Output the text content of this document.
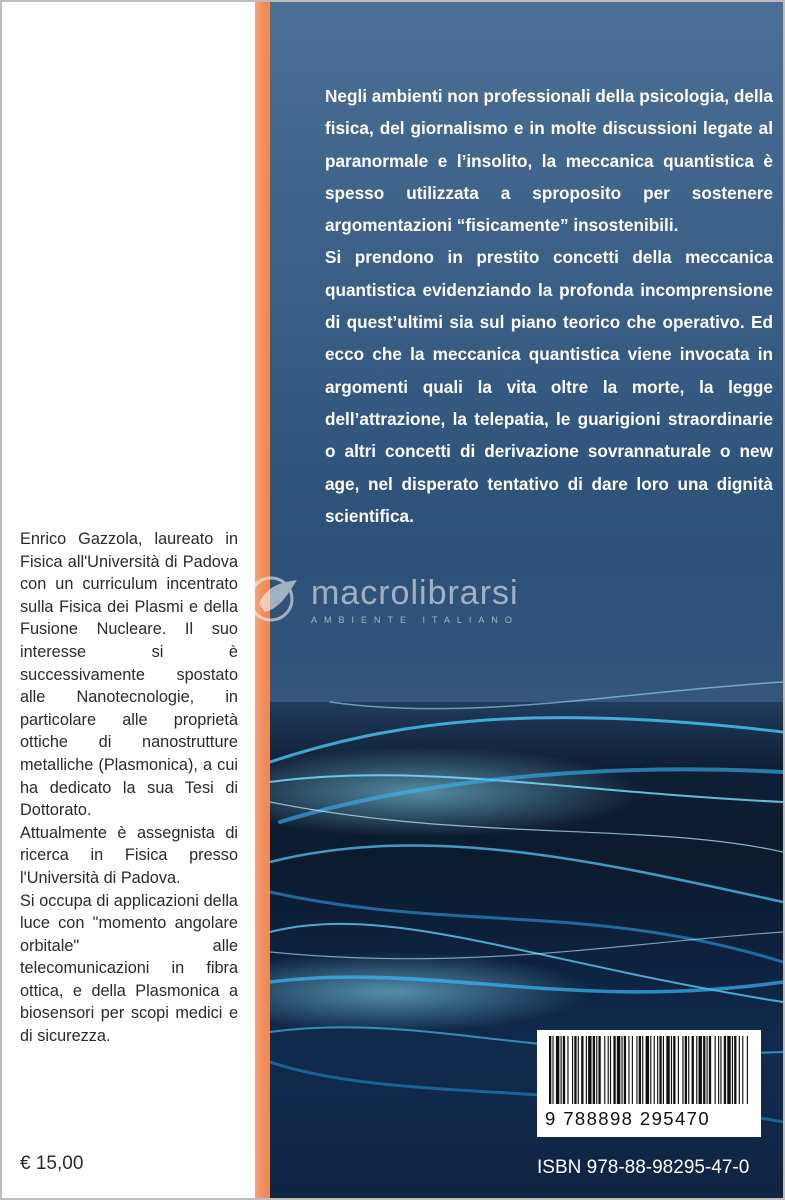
Enrico Gazzola, laureato in Fisica all'Università di Padova con un curriculum incentrato sulla Fisica dei Plasmi e della Fusione Nucleare. Il suo interesse si è successivamente spostato alle Nanotecnologie, in particolare alle proprietà ottiche di nanostrutture metalliche (Plasmonica), a cui ha dedicato la sua Tesi di Dottorato.

Attualmente è assegnista di ricerca in Fisica presso l'Università di Padova.

Si occupa di applicazioni della luce con "momento angolare orbitale" alle telecomunicazioni in fibra ottica, e della Plasmonica a biosensori per scopi medici e di sicurezza.

€ 15,00

Negli ambienti non professionali della psicologia, della fisica, del giornalismo e in molte discussioni legate al paranormale e l’insolito, la meccanica quantistica è spesso utilizzata a sproposito per sostenere argomentazioni “fisicamente” insostenibili.

Si prendono in prestito concetti della meccanica quantistica evidenziando la profonda incomprensione di quest’ultimi sia sul piano teorico che operativo. Ed ecco che la meccanica quantistica viene invocata in argomenti quali la vita oltre la morte, la legge dell’attrazione, la telepatia, le guarigioni straordinarie o altri concetti di derivazione sovrannaturale o new age, nel disperato tentativo di dare loro una dignità scientifica.

macrolibrarsi
AMBIENTE ITALIANO
9 788898 295470
ISBN 978-88-98295-47-0
